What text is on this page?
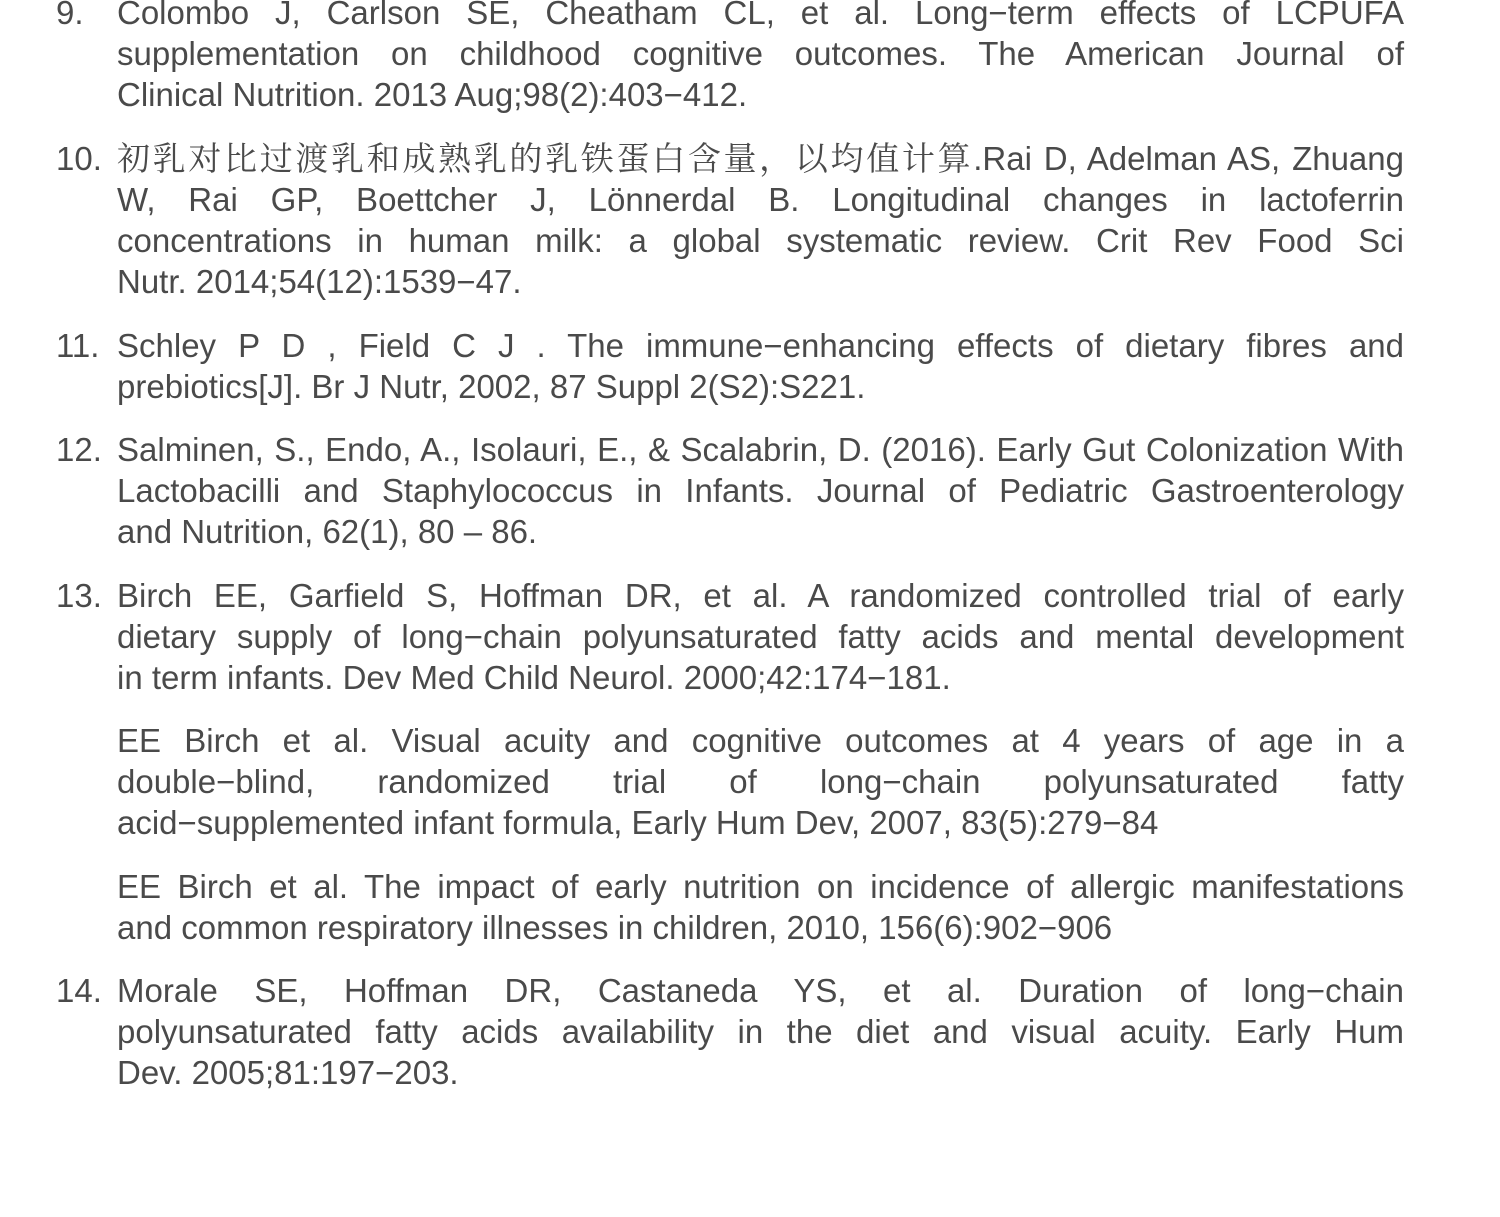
9. Colombo J, Carlson SE, Cheatham CL, et al. Long−term effects of LCPUFA
supplementation on childhood cognitive outcomes. The American Journal of
Clinical Nutrition. 2013 Aug;98(2):403−412.
10. 初乳对比过渡乳和成熟乳的乳铁蛋白含量，以均值计算.Rai D, Adelman AS, Zhuang
W, Rai GP, Boettcher J, Lönnerdal B. Longitudinal changes in lactoferrin
concentrations in human milk: a global systematic review. Crit Rev Food Sci
Nutr. 2014;54(12):1539−47.
11. Schley P D , Field C J . The immune−enhancing effects of dietary fibres and
prebiotics[J]. Br J Nutr, 2002, 87 Suppl 2(S2):S221.
12. Salminen, S., Endo, A., Isolauri, E., & Scalabrin, D. (2016). Early Gut Colonization With
Lactobacilli and Staphylococcus in Infants. Journal of Pediatric Gastroenterology
and Nutrition, 62(1), 80 – 86.
13. Birch EE, Garfield S, Hoffman DR, et al. A randomized controlled trial of early
dietary supply of long−chain polyunsaturated fatty acids and mental development
in term infants. Dev Med Child Neurol. 2000;42:174−181.
EE Birch et al. Visual acuity and cognitive outcomes at 4 years of age in a
double−blind, randomized trial of long−chain polyunsaturated fatty
acid−supplemented infant formula, Early Hum Dev, 2007, 83(5):279−84
EE Birch et al. The impact of early nutrition on incidence of allergic manifestations
and common respiratory illnesses in children, 2010, 156(6):902−906
14. Morale SE, Hoffman DR, Castaneda YS, et al. Duration of long−chain
polyunsaturated fatty acids availability in the diet and visual acuity. Early Hum
Dev. 2005;81:197−203.
